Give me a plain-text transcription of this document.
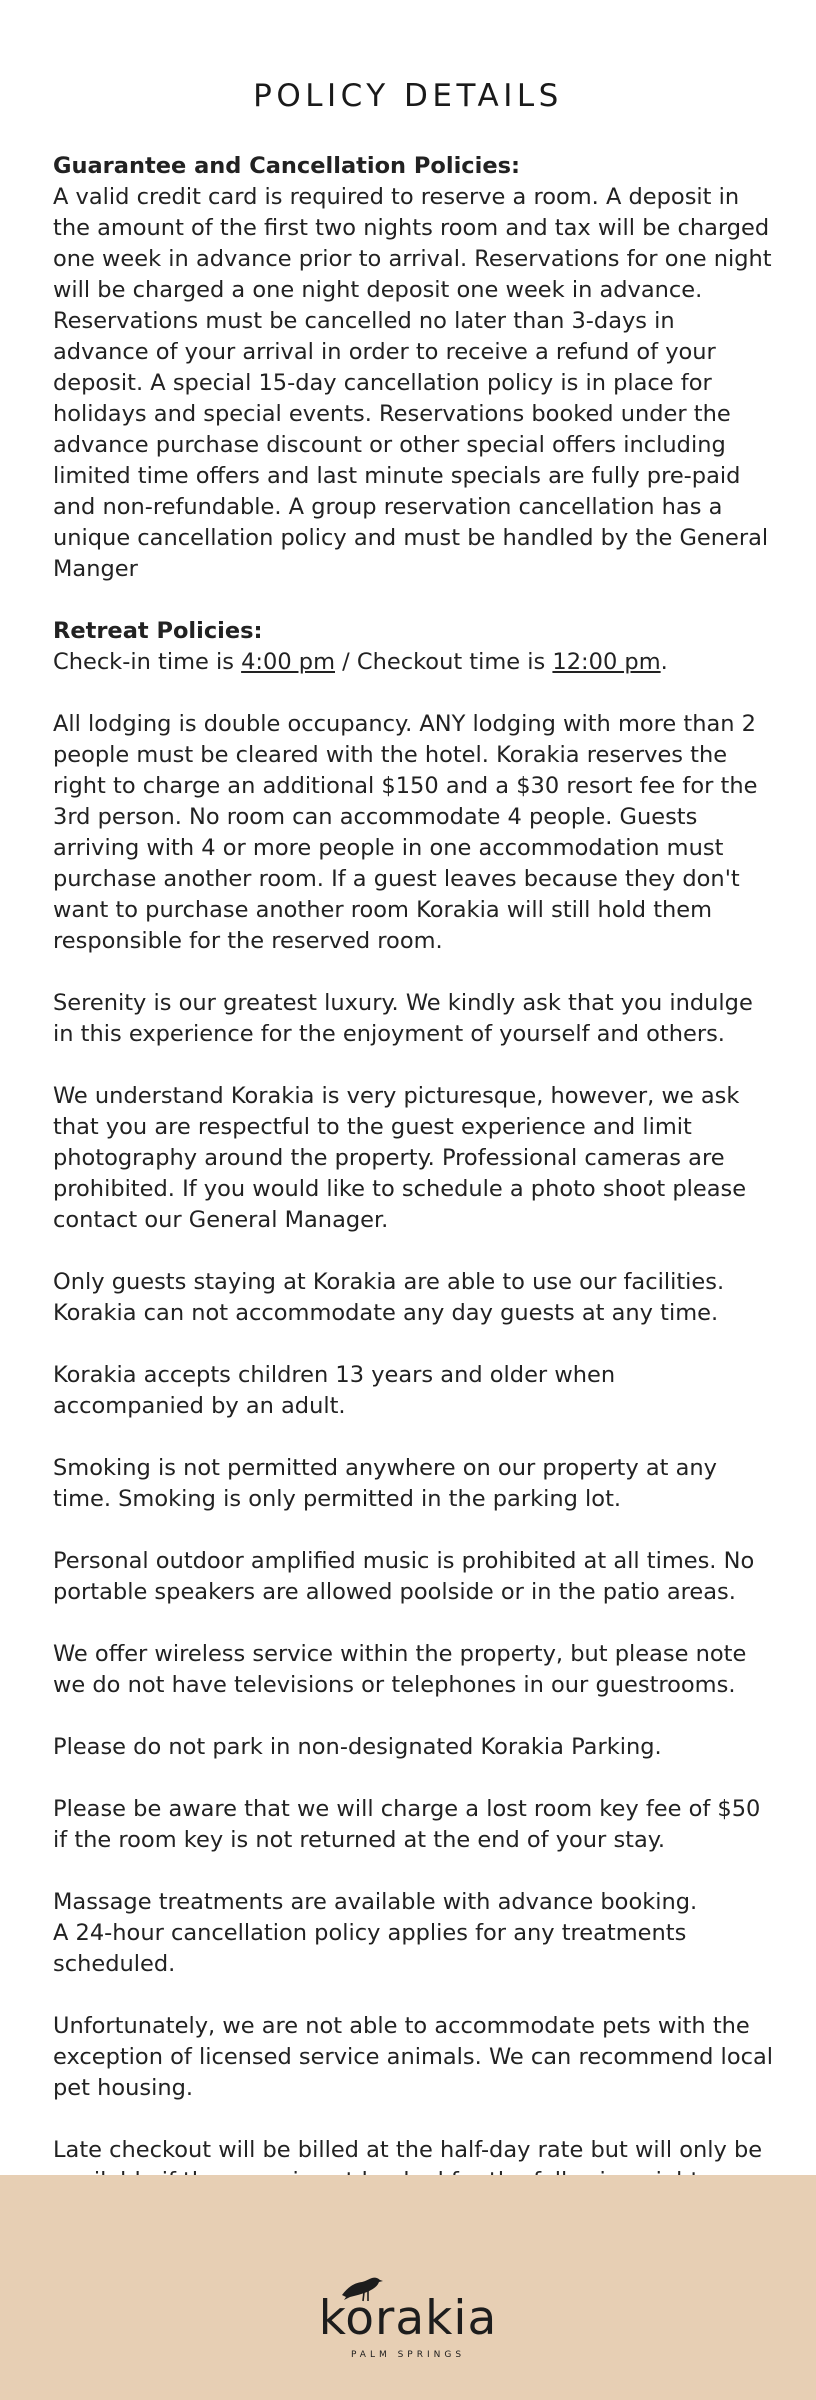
POLICY DETAILS

Guarantee and Cancellation Policies:
A valid credit card is required to reserve a room. A deposit in the amount of the first two nights room and tax will be charged one week in advance prior to arrival. Reservations for one night will be charged a one night deposit one week in advance. Reservations must be cancelled no later than 3-days in advance of your arrival in order to receive a refund of your deposit. A special 15-day cancellation policy is in place for holidays and special events. Reservations booked under the advance purchase discount or other special offers including limited time offers and last minute specials are fully pre-paid and non-refundable. A group reservation cancellation has a unique cancellation policy and must be handled by the General Manger

Retreat Policies:
Check-in time is 4:00 pm / Checkout time is 12:00 pm.

All lodging is double occupancy. ANY lodging with more than 2 people must be cleared with the hotel. Korakia reserves the right to charge an additional $150 and a $30 resort fee for the 3rd person. No room can accommodate 4 people. Guests arriving with 4 or more people in one accommodation must purchase another room. If a guest leaves because they don't want to purchase another room Korakia will still hold them responsible for the reserved room.

Serenity is our greatest luxury. We kindly ask that you indulge in this experience for the enjoyment of yourself and others.

We understand Korakia is very picturesque, however, we ask that you are respectful to the guest experience and limit photography around the property. Professional cameras are prohibited. If you would like to schedule a photo shoot please contact our General Manager.

Only guests staying at Korakia are able to use our facilities. Korakia can not accommodate any day guests at any time.

Korakia accepts children 13 years and older when accompanied by an adult.

Smoking is not permitted anywhere on our property at any time. Smoking is only permitted in the parking lot.

Personal outdoor amplified music is prohibited at all times. No portable speakers are allowed poolside or in the patio areas.

We offer wireless service within the property, but please note we do not have televisions or telephones in our guestrooms.

Please do not park in non-designated Korakia Parking.

Please be aware that we will charge a lost room key fee of $50 if the room key is not returned at the end of your stay.

Massage treatments are available with advance booking.
A 24-hour cancellation policy applies for any treatments scheduled.

Unfortunately, we are not able to accommodate pets with the exception of licensed service animals. We can recommend local pet housing.

Late checkout will be billed at the half-day rate but will only be

korakia
PALM SPRINGS
